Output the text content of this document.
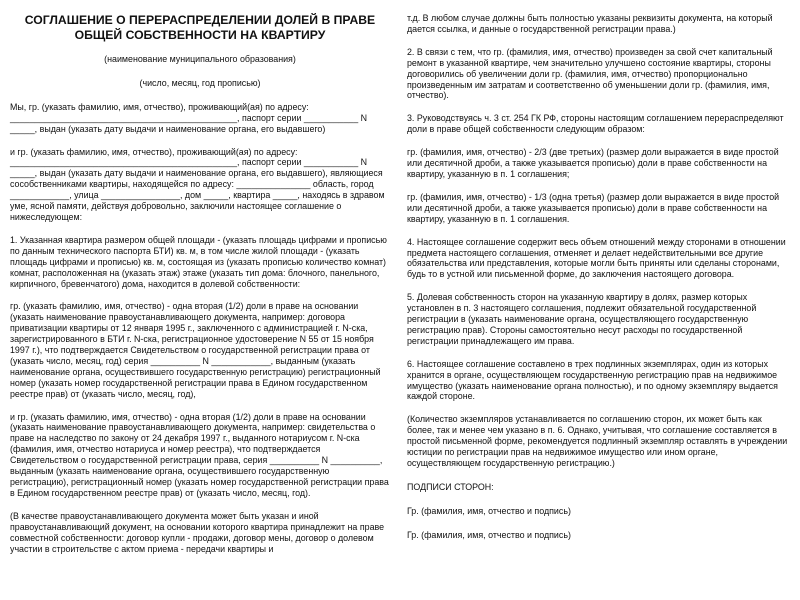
СОГЛАШЕНИЕ О ПЕРЕРАСПРЕДЕЛЕНИИ ДОЛЕЙ В ПРАВЕ ОБЩЕЙ СОБСТВЕННОСТИ НА КВАРТИРУ

(наименование муниципального образования)

(число, месяц, год прописью)

Мы, гр. (указать фамилию, имя, отчество), проживающий(ая) по адресу: ______________________________________________, паспорт серии ___________ N _____, выдан (указать дату выдачи и наименование органа, его выдавшего)

и гр. (указать фамилию, имя, отчество), проживающий(ая) по адресу: ______________________________________________, паспорт серии ___________ N _____, выдан (указать дату выдачи и наименование органа, его выдавшего), являющиеся сособственниками квартиры, находящейся по адресу: _______________ область, город ____________, улица ________________, дом _____, квартира _____, находясь в здравом уме, ясной памяти, действуя добровольно, заключили настоящее соглашение о нижеследующем:

1. Указанная квартира размером общей площади - (указать площадь цифрами и прописью по данным технического паспорта БТИ) кв. м, в том числе жилой площади - (указать площадь цифрами и прописью) кв. м, состоящая из (указать прописью количество комнат) комнат, расположенная на (указать этаж) этаже (указать тип дома: блочного, панельного, кирпичного, бревенчатого) дома, находится в долевой собственности:

гр. (указать фамилию, имя, отчество) - одна вторая (1/2) доли в праве на основании (указать наименование правоустанавливающего документа, например: договора приватизации квартиры от 12 января 1995 г., заключенного с администрацией г. N-ска, зарегистрированного в БТИ г. N-ска, регистрационное удостоверение N 55 от 15 ноября 1997 г.), что подтверждается Свидетельством о государственной регистрации права от (указать число, месяц, год) серия __________ N ____________, выданным (указать наименование органа, осуществившего государственную регистрацию) регистрационный номер (указать номер государственной регистрации права в Едином государственном реестре прав) от (указать число, месяц, год),

и гр. (указать фамилию, имя, отчество) - одна вторая (1/2) доли в праве на основании (указать наименование правоустанавливающего документа, например: свидетельства о праве на наследство по закону от 24 декабря 1997 г., выданного нотариусом г. N-ска (фамилия, имя, отчество нотариуса и номер реестра), что подтверждается Свидетельством о государственной регистрации права, серия __________ N __________, выданным (указать наименование органа, осуществившего государственную регистрацию), регистрационный номер (указать номер государственной регистрации права в Едином государственном реестре прав) от (указать число, месяц, год).

(В качестве правоустанавливающего документа может быть указан и иной правоустанавливающий документ, на основании которого квартира принадлежит на праве совместной собственности: договор купли - продажи, договор мены, договор о долевом участии в строительстве с актом приема - передачи квартиры и

т.д. В любом случае должны быть полностью указаны реквизиты документа, на который дается ссылка, и данные о государственной регистрации права.)

2. В связи с тем, что гр. (фамилия, имя, отчество) произведен за свой счет капитальный ремонт в указанной квартире, чем значительно улучшено состояние квартиры, стороны договорились об увеличении доли гр. (фамилия, имя, отчество) пропорционально произведенным им затратам и соответственно об уменьшении доли гр. (фамилия, имя, отчество).

3. Руководствуясь ч. 3 ст. 254 ГК РФ, стороны настоящим соглашением перераспределяют доли в праве общей собственности следующим образом:

гр. (фамилия, имя, отчество) - 2/3 (две третьих) (размер доли выражается в виде простой или десятичной дроби, а также указывается прописью) доли в праве собственности на квартиру, указанную в п. 1 соглашения;

гр. (фамилия, имя, отчество) - 1/3 (одна третья) (размер доли выражается в виде простой или десятичной дроби, а также указывается прописью) доли в праве собственности на квартиру, указанную в п. 1 соглашения.

4. Настоящее соглашение содержит весь объем отношений между сторонами в отношении предмета настоящего соглашения, отменяет и делает недействительными все другие обязательства или представления, которые могли быть приняты или сделаны сторонами, будь то в устной или письменной форме, до заключения настоящего договора.

5. Долевая собственность сторон на указанную квартиру в долях, размер которых установлен в п. 3 настоящего соглашения, подлежит обязательной государственной регистрации в (указать наименование органа, осуществляющего государственную регистрацию прав). Стороны самостоятельно несут расходы по государственной регистрации принадлежащего им права.

6. Настоящее соглашение составлено в трех подлинных экземплярах, один из которых хранится в органе, осуществляющем государственную регистрацию прав на недвижимое имущество (указать наименование органа полностью), и по одному экземпляру выдается каждой стороне.

(Количество экземпляров устанавливается по соглашению сторон, их может быть как более, так и менее чем указано в п. 6. Однако, учитывая, что соглашение составляется в простой письменной форме, рекомендуется подлинный экземпляр оставлять в учреждении юстиции по регистрации прав на недвижимое имущество или ином органе, осуществляющем государственную регистрацию.)

ПОДПИСИ СТОРОН:

Гр. (фамилия, имя, отчество и подпись)

Гр. (фамилия, имя, отчество и подпись)
